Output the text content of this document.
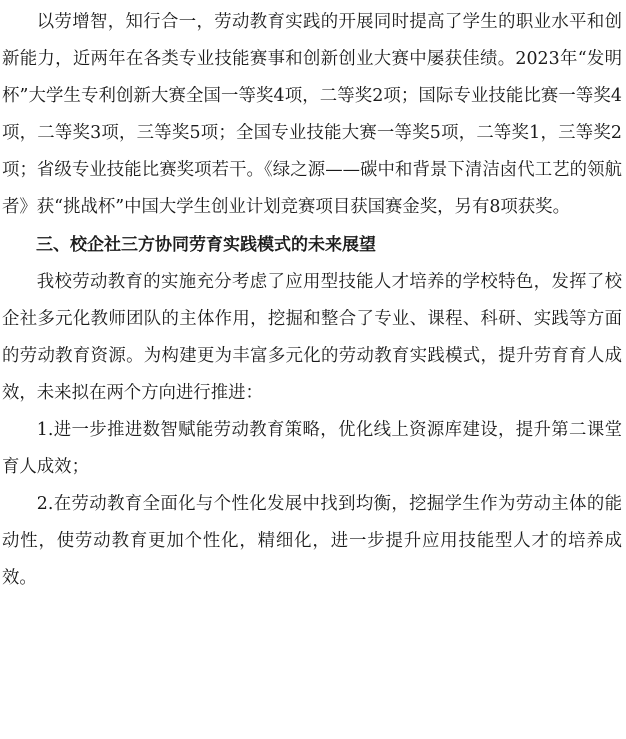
以劳增智，知行合一，劳动教育实践的开展同时提高了学生的职业水平和创新能力，近两年在各类专业技能赛事和创新创业大赛中屡获佳绩。2023年“发明杯”大学生专利创新大赛全国一等奖4项，二等奖2项；国际专业技能比赛一等奖4项，二等奖3项，三等奖5项；全国专业技能大赛一等奖5项，二等奖1，三等奖2项；省级专业技能比赛奖项若干。《绿之源——碳中和背景下清洁卤代工艺的领航者》获“挑战杯”中国大学生创业计划竞赛项目获国赛金奖，另有8项获奖。

三、校企社三方协同劳育实践模式的未来展望

我校劳动教育的实施充分考虑了应用型技能人才培养的学校特色，发挥了校企社多元化教师团队的主体作用，挖掘和整合了专业、课程、科研、实践等方面的劳动教育资源。为构建更为丰富多元化的劳动教育实践模式，提升劳育育人成效，未来拟在两个方向进行推进：

1.进一步推进数智赋能劳动教育策略，优化线上资源库建设，提升第二课堂育人成效；

2.在劳动教育全面化与个性化发展中找到均衡，挖掘学生作为劳动主体的能动性，使劳动教育更加个性化，精细化，进一步提升应用技能型人才的培养成效。
